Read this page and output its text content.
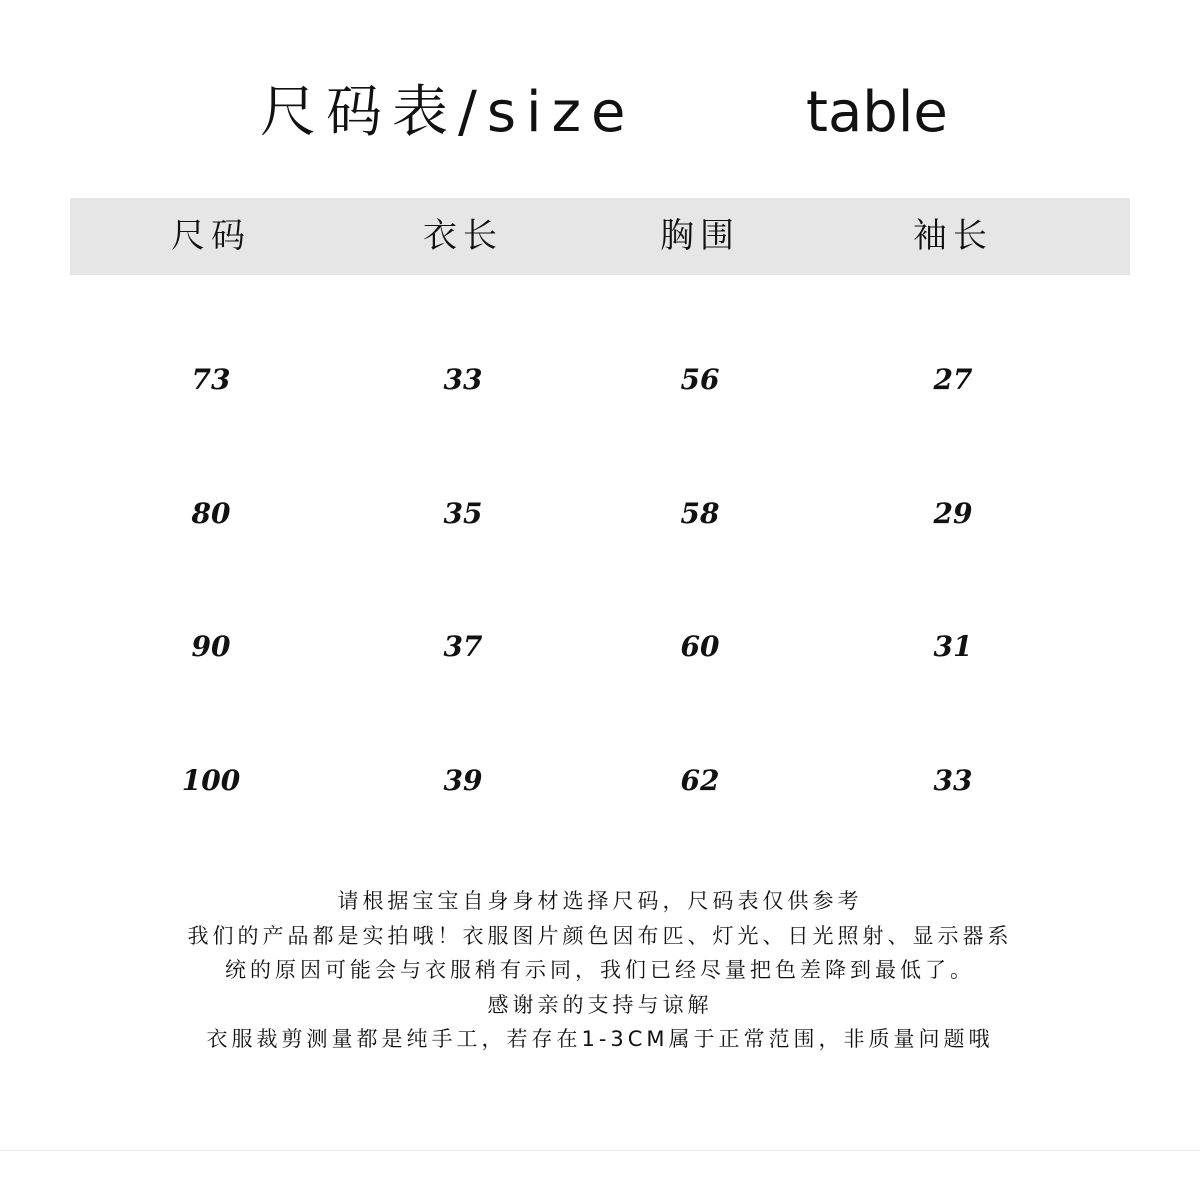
尺码表/size	table
尺码	衣长	胸围	袖长
73	33	56	27
80	35	58	29
90	37	60	31
100	39	62	33
请根据宝宝自身身材选择尺码，尺码表仅供参考
我们的产品都是实拍哦！衣服图片颜色因布匹、灯光、日光照射、显示器系
统的原因可能会与衣服稍有示同，我们已经尽量把色差降到最低了。
感谢亲的支持与谅解
衣服裁剪测量都是纯手工，若存在1-3CM属于正常范围，非质量问题哦
